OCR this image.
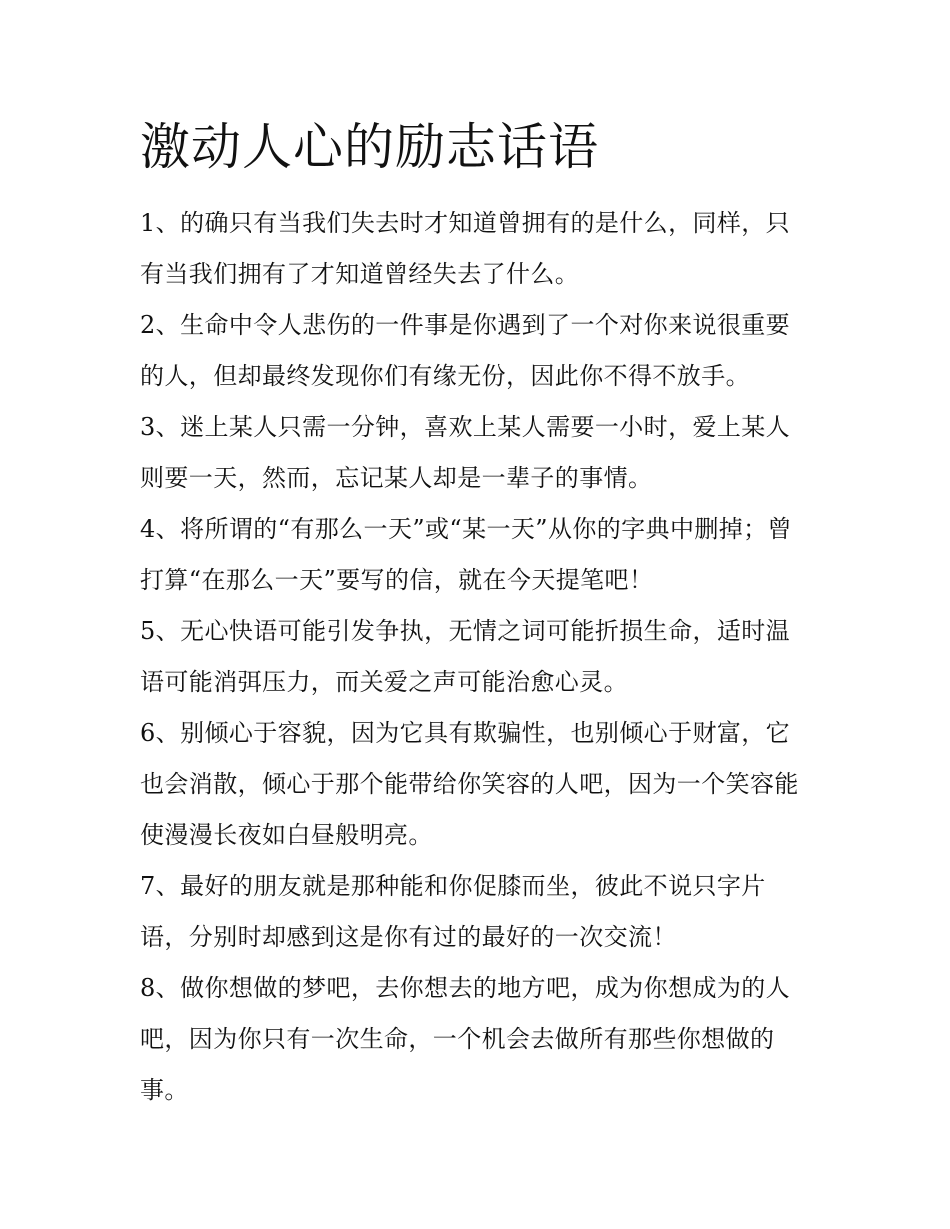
激动人心的励志话语

1、的确只有当我们失去时才知道曾拥有的是什么，同样，只
有当我们拥有了才知道曾经失去了什么。

2、生命中令人悲伤的一件事是你遇到了一个对你来说很重要
的人，但却最终发现你们有缘无份，因此你不得不放手。

3、迷上某人只需一分钟，喜欢上某人需要一小时，爱上某人
则要一天，然而，忘记某人却是一辈子的事情。

4、将所谓的“有那么一天”或“某一天”从你的字典中删掉；曾
打算“在那么一天”要写的信，就在今天提笔吧！

5、无心快语可能引发争执，无情之词可能折损生命，适时温
语可能消弭压力，而关爱之声可能治愈心灵。

6、别倾心于容貌，因为它具有欺骗性，也别倾心于财富，它
也会消散，倾心于那个能带给你笑容的人吧，因为一个笑容能
使漫漫长夜如白昼般明亮。

7、最好的朋友就是那种能和你促膝而坐，彼此不说只字片
语，分别时却感到这是你有过的最好的一次交流！

8、做你想做的梦吧，去你想去的地方吧，成为你想成为的人
吧，因为你只有一次生命，一个机会去做所有那些你想做的
事。
